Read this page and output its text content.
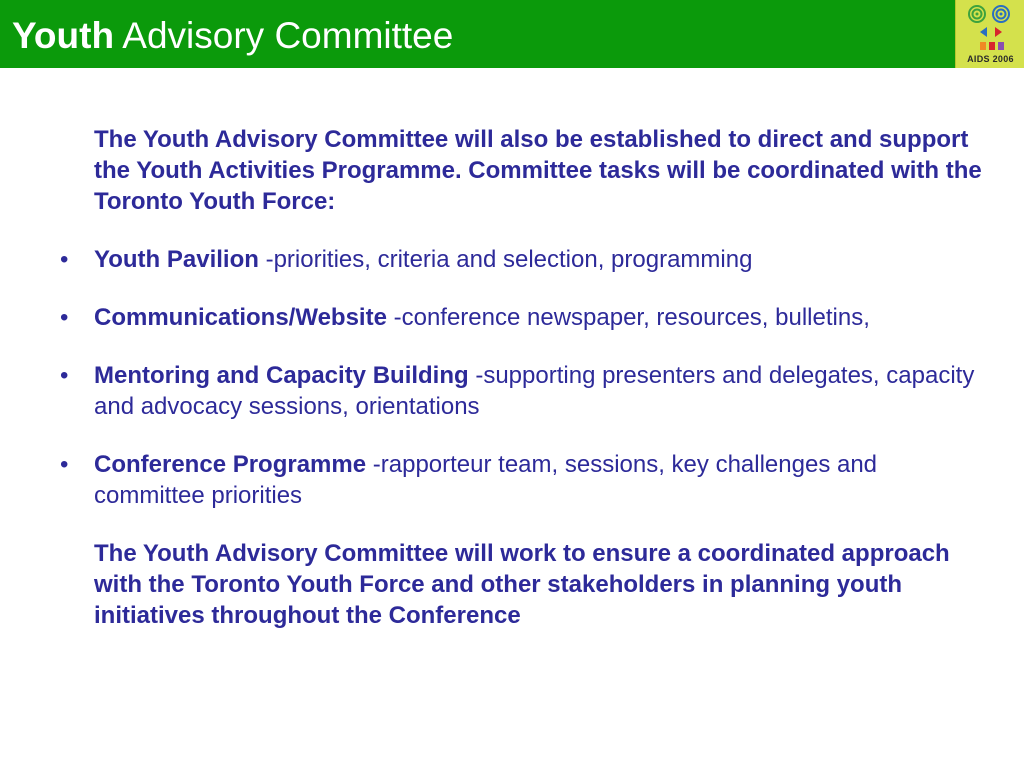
Youth Advisory Committee
AIDS 2006

The Youth Advisory Committee will also be established to direct and support the Youth Activities Programme. Committee tasks will be coordinated with the Toronto Youth Force:

• Youth Pavilion -priorities, criteria and selection, programming
• Communications/Website -conference newspaper, resources, bulletins,
• Mentoring and Capacity Building -supporting presenters and delegates, capacity and advocacy sessions, orientations
• Conference Programme -rapporteur team, sessions, key challenges and committee priorities

The Youth Advisory Committee will work to ensure a coordinated approach with the Toronto Youth Force and other stakeholders in planning youth initiatives throughout the Conference
